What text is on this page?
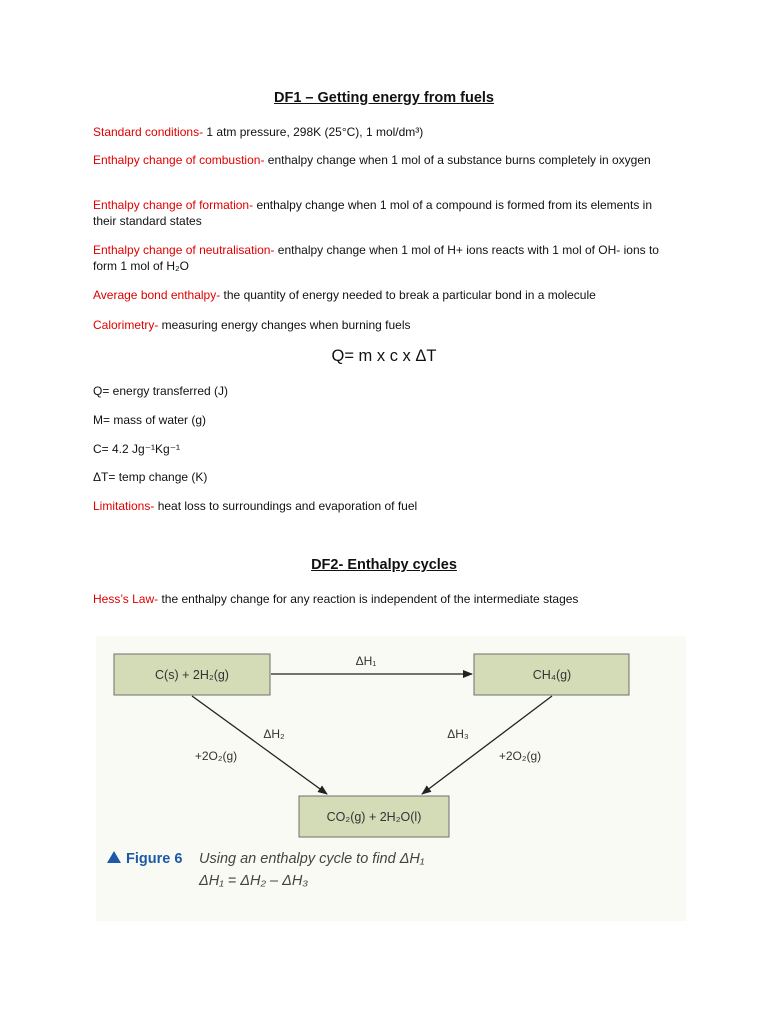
DF1 – Getting energy from fuels
Standard conditions- 1 atm pressure, 298K (25°C), 1 mol/dm³)
Enthalpy change of combustion- enthalpy change when 1 mol of a substance burns completely in oxygen
Enthalpy change of formation- enthalpy change when 1 mol of a compound is formed from its elements in their standard states
Enthalpy change of neutralisation- enthalpy change when 1 mol of H+ ions reacts with 1 mol of OH- ions to form 1 mol of H₂O
Average bond enthalpy- the quantity of energy needed to break a particular bond in a molecule
Calorimetry- measuring energy changes when burning fuels
Q= m x c x ΔT
Q= energy transferred (J)
M= mass of water (g)
C= 4.2 Jg⁻¹Kg⁻¹
ΔT= temp change (K)
Limitations- heat loss to surroundings and evaporation of fuel
DF2- Enthalpy cycles
Hess’s Law- the enthalpy change for any reaction is independent of the intermediate stages
C(s) + 2H₂(g)	CH₄(g)
CO₂(g) + 2H₂O(l)
ΔH₁
ΔH₂
+2O₂(g)
ΔH₃
+2O₂(g)
Figure 6 Using an enthalpy cycle to find ΔH₁
ΔH₁ = ΔH₂ – ΔH₃
